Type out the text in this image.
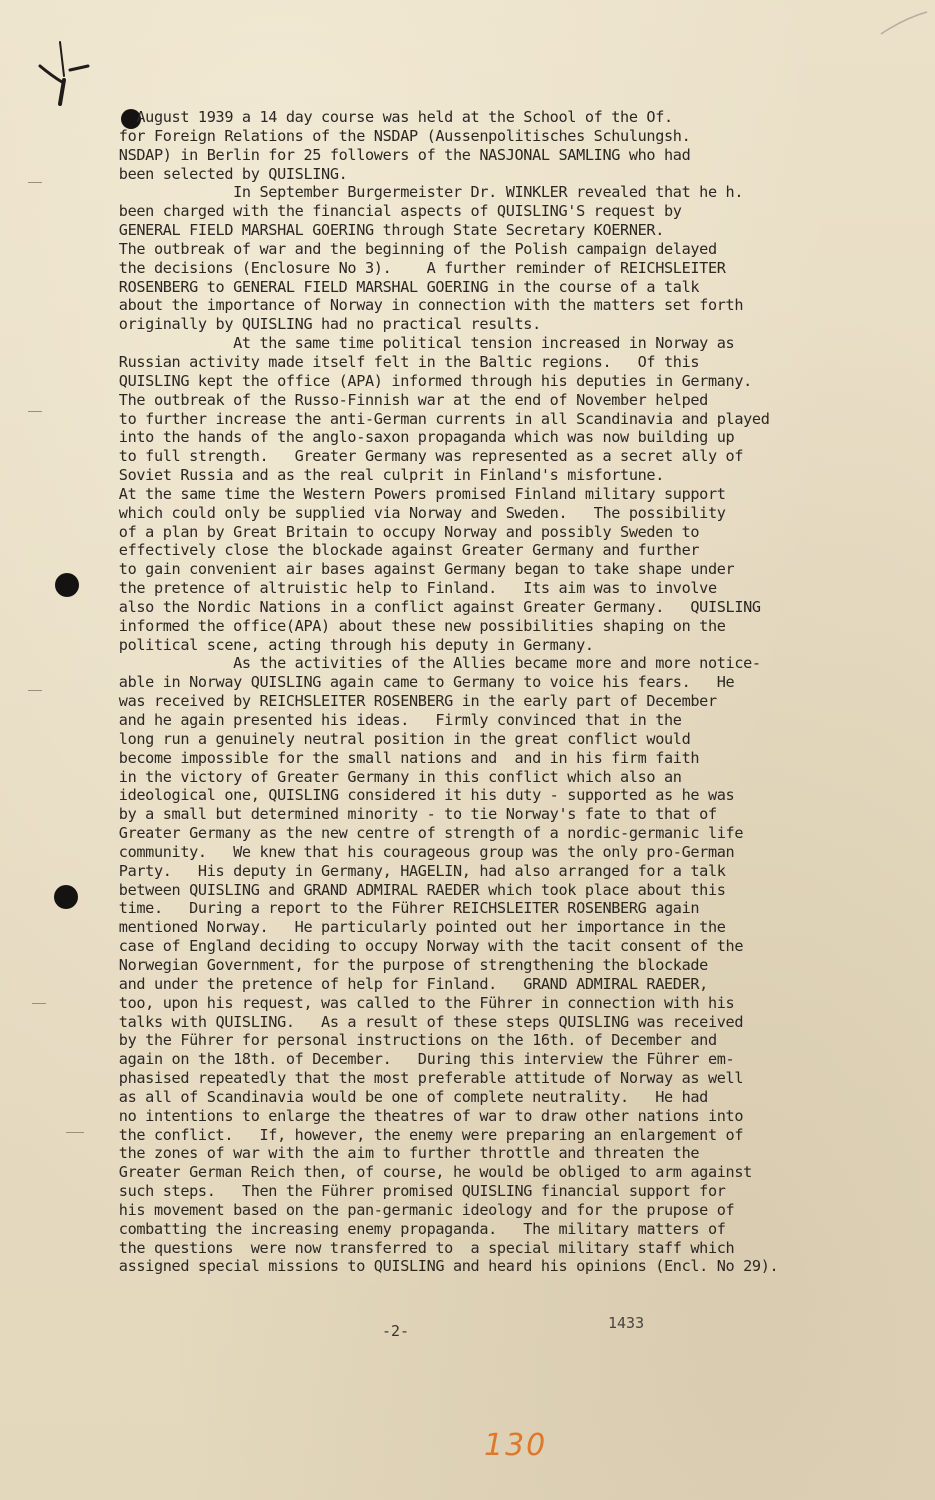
August 1939 a 14 day course was held at the School of the Of.
for Foreign Relations of the NSDAP (Aussenpolitisches Schulungsh.
NSDAP) in Berlin for 25 followers of the NASJONAL SAMLING who had
been selected by QUISLING.
In September Burgermeister Dr. WINKLER revealed that he h.
been charged with the financial aspects of QUISLING'S request by
GENERAL FIELD MARSHAL GOERING through State Secretary KOERNER.
The outbreak of war and the beginning of the Polish campaign delayed
the decisions (Enclosure No 3).    A further reminder of REICHSLEITER
ROSENBERG to GENERAL FIELD MARSHAL GOERING in the course of a talk
about the importance of Norway in connection with the matters set forth
originally by QUISLING had no practical results.
At the same time political tension increased in Norway as
Russian activity made itself felt in the Baltic regions.   Of this
QUISLING kept the office (APA) informed through his deputies in Germany.
The outbreak of the Russo-Finnish war at the end of November helped
to further increase the anti-German currents in all Scandinavia and played
into the hands of the anglo-saxon propaganda which was now building up
to full strength.   Greater Germany was represented as a secret ally of
Soviet Russia and as the real culprit in Finland's misfortune.
At the same time the Western Powers promised Finland military support
which could only be supplied via Norway and Sweden.   The possibility
of a plan by Great Britain to occupy Norway and possibly Sweden to
effectively close the blockade against Greater Germany and further
to gain convenient air bases against Germany began to take shape under
the pretence of altruistic help to Finland.   Its aim was to involve
also the Nordic Nations in a conflict against Greater Germany.   QUISLING
informed the office(APA) about these new possibilities shaping on the
political scene, acting through his deputy in Germany.
As the activities of the Allies became more and more notice-
able in Norway QUISLING again came to Germany to voice his fears.   He
was received by REICHSLEITER ROSENBERG in the early part of December
and he again presented his ideas.   Firmly convinced that in the
long run a genuinely neutral position in the great conflict would
become impossible for the small nations and  and in his firm faith
in the victory of Greater Germany in this conflict which also an
ideological one, QUISLING considered it his duty - supported as he was
by a small but determined minority - to tie Norway's fate to that of
Greater Germany as the new centre of strength of a nordic-germanic life
community.   We knew that his courageous group was the only pro-German
Party.   His deputy in Germany, HAGELIN, had also arranged for a talk
between QUISLING and GRAND ADMIRAL RAEDER which took place about this
time.   During a report to the Führer REICHSLEITER ROSENBERG again
mentioned Norway.   He particularly pointed out her importance in the
case of England deciding to occupy Norway with the tacit consent of the
Norwegian Government, for the purpose of strengthening the blockade
and under the pretence of help for Finland.   GRAND ADMIRAL RAEDER,
too, upon his request, was called to the Führer in connection with his
talks with QUISLING.   As a result of these steps QUISLING was received
by the Führer for personal instructions on the 16th. of December and
again on the 18th. of December.   During this interview the Führer em-
phasised repeatedly that the most preferable attitude of Norway as well
as all of Scandinavia would be one of complete neutrality.   He had
no intentions to enlarge the theatres of war to draw other nations into
the conflict.   If, however, the enemy were preparing an enlargement of
the zones of war with the aim to further throttle and threaten the
Greater German Reich then, of course, he would be obliged to arm against
such steps.   Then the Führer promised QUISLING financial support for
his movement based on the pan-germanic ideology and for the prupose of
combatting the increasing enemy propaganda.   The military matters of
the questions  were now transferred to  a special military staff which
assigned special missions to QUISLING and heard his opinions (Encl. No 29).
-2-	1433
130
